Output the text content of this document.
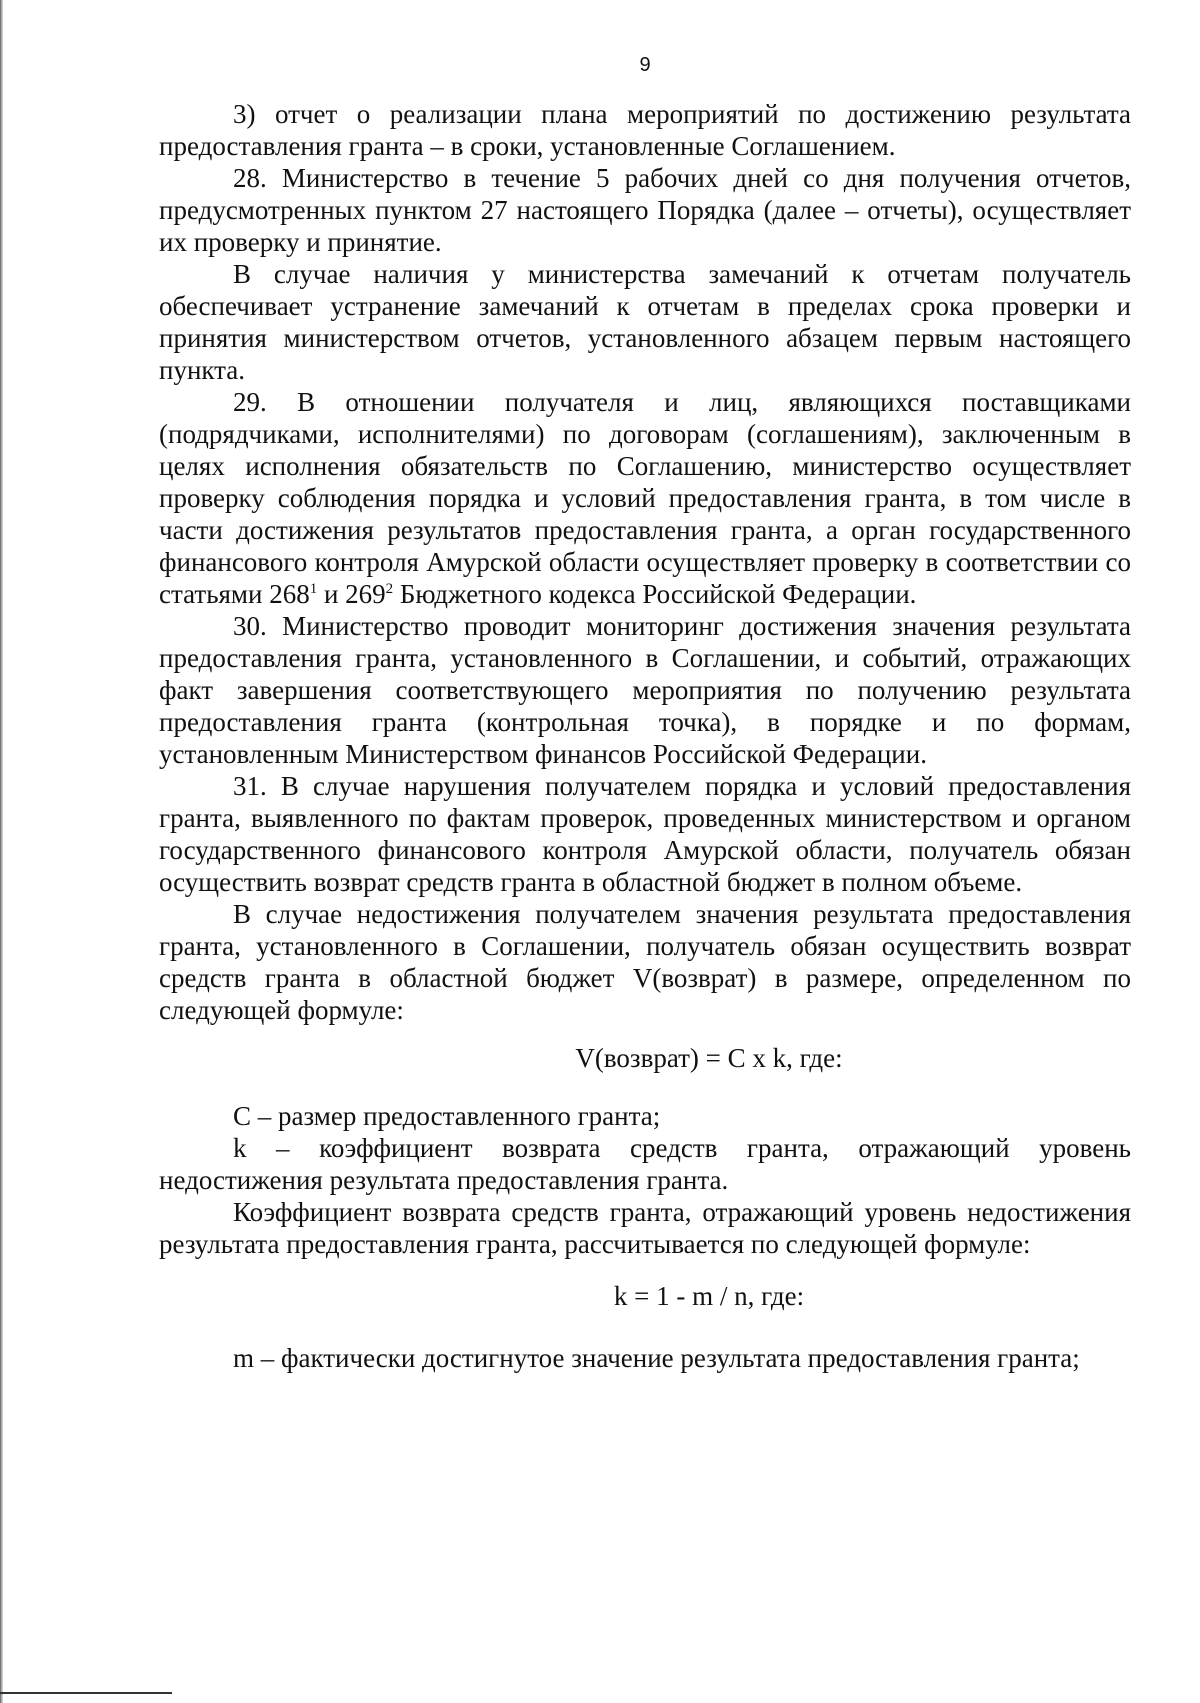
9

3) отчет о реализации плана мероприятий по достижению результата предоставления гранта – в сроки, установленные Соглашением.

28. Министерство в течение 5 рабочих дней со дня получения отчетов, предусмотренных пунктом 27 настоящего Порядка (далее – отчеты), осуществляет их проверку и принятие.

В случае наличия у министерства замечаний к отчетам получатель обеспечивает устранение замечаний к отчетам в пределах срока проверки и принятия министерством отчетов, установленного абзацем первым настоящего пункта.

29. В отношении получателя и лиц, являющихся поставщиками (подрядчиками, исполнителями) по договорам (соглашениям), заключенным в целях исполнения обязательств по Соглашению, министерство осуществляет проверку соблюдения порядка и условий предоставления гранта, в том числе в части достижения результатов предоставления гранта, а орган государственного финансового контроля Амурской области осуществляет проверку в соответствии со статьями $268^1$ и $269^2$ Бюджетного кодекса Российской Федерации.

30. Министерство проводит мониторинг достижения значения результата предоставления гранта, установленного в Соглашении, и событий, отражающих факт завершения соответствующего мероприятия по получению результата предоставления гранта (контрольная точка), в порядке и по формам, установленным Министерством финансов Российской Федерации.

31. В случае нарушения получателем порядка и условий предоставления гранта, выявленного по фактам проверок, проведенных министерством и органом государственного финансового контроля Амурской области, получатель обязан осуществить возврат средств гранта в областной бюджет в полном объеме.

В случае недостижения получателем значения результата предоставления гранта, установленного в Соглашении, получатель обязан осуществить возврат средств гранта в областной бюджет V(возврат) в размере, определенном по следующей формуле:

V(возврат) = C x k, где:

C – размер предоставленного гранта;

k – коэффициент возврата средств гранта, отражающий уровень недостижения результата предоставления гранта.

Коэффициент возврата средств гранта, отражающий уровень недостижения результата предоставления гранта, рассчитывается по следующей формуле:

k = 1 - m / n, где:

m – фактически достигнутое значение результата предоставления гранта;
